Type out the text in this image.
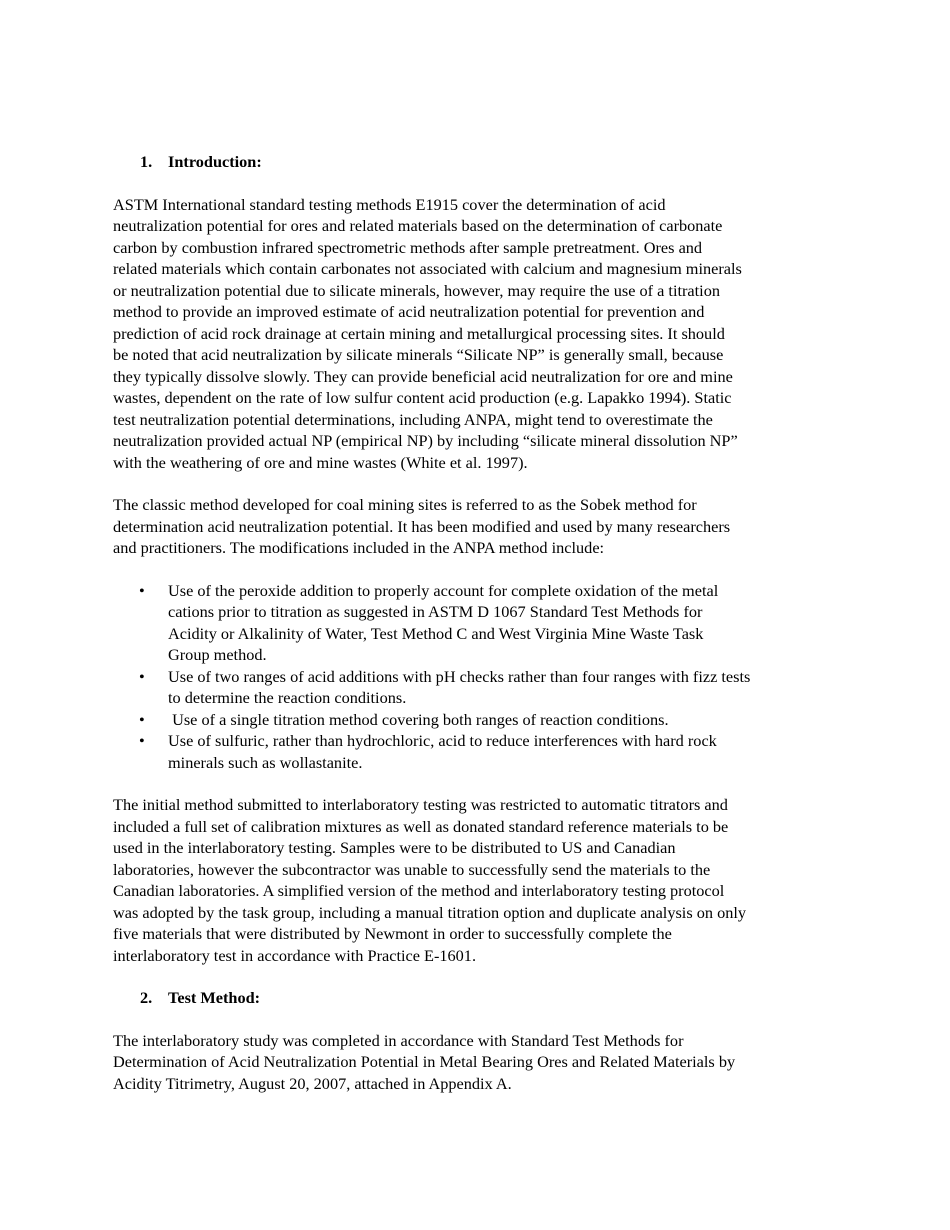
1. Introduction:

ASTM International standard testing methods E1915 cover the determination of acid
neutralization potential for ores and related materials based on the determination of carbonate
carbon by combustion infrared spectrometric methods after sample pretreatment. Ores and
related materials which contain carbonates not associated with calcium and magnesium minerals
or neutralization potential due to silicate minerals, however, may require the use of a titration
method to provide an improved estimate of acid neutralization potential for prevention and
prediction of acid rock drainage at certain mining and metallurgical processing sites. It should
be noted that acid neutralization by silicate minerals “Silicate NP” is generally small, because
they typically dissolve slowly. They can provide beneficial acid neutralization for ore and mine
wastes, dependent on the rate of low sulfur content acid production (e.g. Lapakko 1994). Static
test neutralization potential determinations, including ANPA, might tend to overestimate the
neutralization provided actual NP (empirical NP) by including “silicate mineral dissolution NP”
with the weathering of ore and mine wastes (White et al. 1997).

The classic method developed for coal mining sites is referred to as the Sobek method for
determination acid neutralization potential. It has been modified and used by many researchers
and practitioners. The modifications included in the ANPA method include:

• Use of the peroxide addition to properly account for complete oxidation of the metal
cations prior to titration as suggested in ASTM D 1067 Standard Test Methods for
Acidity or Alkalinity of Water, Test Method C and West Virginia Mine Waste Task
Group method.
• Use of two ranges of acid additions with pH checks rather than four ranges with fizz tests
to determine the reaction conditions.
• Use of a single titration method covering both ranges of reaction conditions.
• Use of sulfuric, rather than hydrochloric, acid to reduce interferences with hard rock
minerals such as wollastanite.

The initial method submitted to interlaboratory testing was restricted to automatic titrators and
included a full set of calibration mixtures as well as donated standard reference materials to be
used in the interlaboratory testing. Samples were to be distributed to US and Canadian
laboratories, however the subcontractor was unable to successfully send the materials to the
Canadian laboratories. A simplified version of the method and interlaboratory testing protocol
was adopted by the task group, including a manual titration option and duplicate analysis on only
five materials that were distributed by Newmont in order to successfully complete the
interlaboratory test in accordance with Practice E-1601.

2. Test Method:

The interlaboratory study was completed in accordance with Standard Test Methods for
Determination of Acid Neutralization Potential in Metal Bearing Ores and Related Materials by
Acidity Titrimetry, August 20, 2007, attached in Appendix A.
